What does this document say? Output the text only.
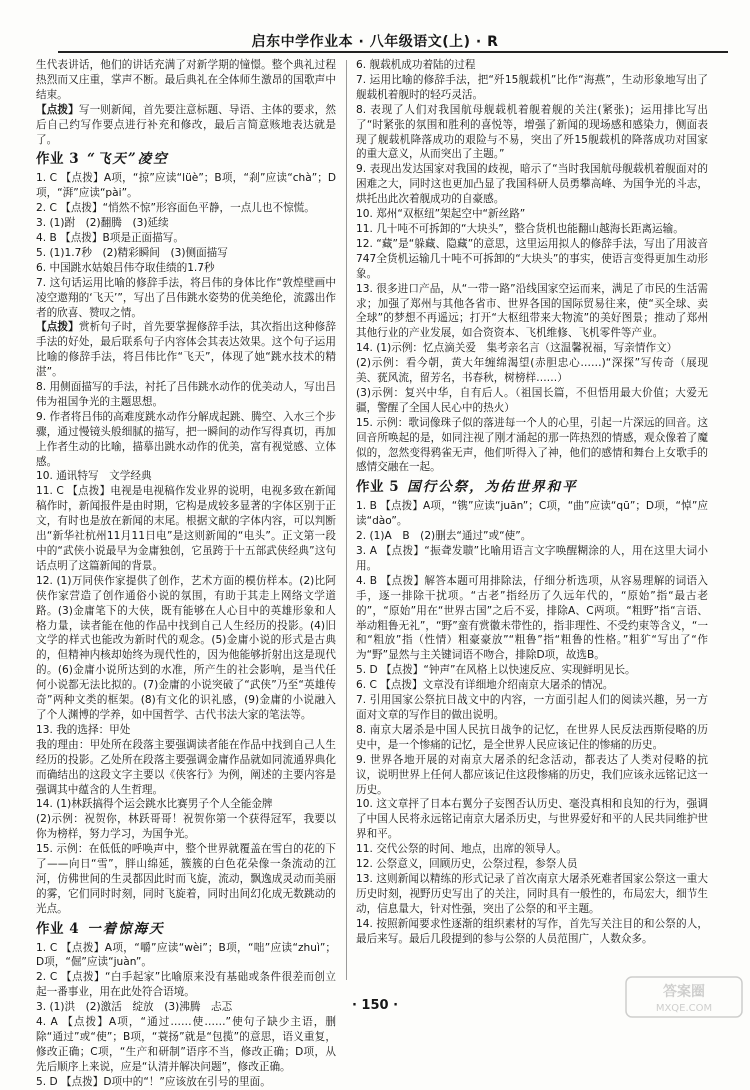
启东中学作业本 · 八年级语文(上) · R

生代表讲话，他们的讲话充满了对新学期的憧憬。整个典礼过程热烈而又庄重，掌声不断。最后典礼在全体师生激昂的国歌声中结束。

【点拨】写一则新闻，首先要注意标题、导语、主体的要求，然后自己约写作要点进行补充和修改，最后言简意赅地表达就是了。

作业 3 “飞天”凌空

1. C 【点拨】A项，“掠”应读“lüè”；B项，“刹”应读“chà”；D项，“湃”应读“pài”。

2. C 【点拨】“悄然不惊”形容面色平静，一点儿也不惊慌。

3. (1)跗　(2)翻腾　(3)延续

4. B 【点拨】B项是正面描写。

5. (1)1.7秒　(2)精彩瞬间　(3)侧面描写

6. 中国跳水姑娘吕伟夺取佳绩的1.7秒

7. 这句话运用比喻的修辞手法，将吕伟的身体比作“敦煌壁画中凌空遨翔的‘飞天’”，写出了吕伟跳水姿势的优美绝伦，流露出作者的欣喜、赞叹之情。

【点拨】赏析句子时，首先要掌握修辞手法，其次指出这种修辞手法的好处，最后联系句子内容体会其表达效果。这个句子运用比喻的修辞手法，将吕伟比作“飞天”，体现了她“跳水技术的精湛”。

8. 用侧面描写的手法，衬托了吕伟跳水动作的优美动人，写出吕伟为祖国争光的主题思想。

9. 作者将吕伟的高难度跳水动作分解成起跳、腾空、入水三个步骤，通过慢镜头般细腻的描写，把一瞬间的动作写得真切，再加上作者生动的比喻，描摹出跳水动作的优美，富有视觉感、立体感。

10. 通讯特写　文学经典

11. C 【点拨】电视是电视稿作发业界的说明，电视多致在新闻稿作时，新闻报件是由时期，它构是成较多显著的字体区别于正文，有时也是放在新闻的末尾。根据文献的字体内容，可以判断出“新华社杭州11月11日电”是这则新闻的“电头”。正文第一段中的“武侠小说最早为金庸独创，它虽跨于十五部武侠经典”这句话点明了这篇新闻的背景。

12. (1)万同侠作家提供了创作，艺术方面的模仿样本。(2)比阿侠作家营造了创作通俗小说的氛围，有助于其走上网络文学道路。(3)金庸笔下的大侠，既有能够在人心目中的英雄形象和人格力量，读者能在他的作品中找到自己人生经历的投影。(4)旧文学的样式也能改为新时代的观念。(5)金庸小说的形式是古典的，但精神内核却始终为现代性的，因为他能够折射出这是现代的。(6)金庸小说所达到的水准，所产生的社会影响，是当代任何小说都无法比拟的。(7)金庸的小说突破了“武侠”乃至“英雄传奇”两种文类的框架。(8)有文化的识礼感，(9)金庸的小说融入了个人渊博的学养，如中国哲学、古代书法大家的笔法等。

13. 我的选择：甲处

我的理由：甲处所在段落主要强调读者能在作品中找到自己人生经历的投影。乙处所在段落主要强调金庸作品就如同流通界典化而确结出的这段文字主要以《侠客行》为例，阐述的主要内容是强调其中蕴含的人生哲理。

14. (1)林跃搞得个运会跳水比赛男子个人全能金牌

(2)示例：祝贺你，林跃哥哥！祝贺你第一个获得冠军，我要以你为榜样，努力学习，为国争光。

15. 示例：在低低的呼唤声中，整个世界就覆盖在雪白的花的下了——向日“雪”，胖山绵延，簇簇的白色花朵像一条流动的江河，仿佛世间的生灵都因此时而飞旋，流动，飘逸成灵动而美丽的雾，它们同时时刻，同时飞旋着，同时出间幻化成无数跳动的光点。

作业 4 一着惊海天

1. C 【点拨】A项，“嚼”应读“wèi”；B项，“咄”应读“zhuì”；D项，“倔”应读“juàn”。

2. C 【点拨】“白手起家”比喻原来没有基础或条件很差而创立起一番事业，用在此处符合语境。

3. (1)洪　(2)激活　绽放　(3)沸腾　忐忑

4. A 【点拨】A项，“通过……使……”使句子缺少主语，删除“通过”或“使”；B项，“蓑扬”就是“包揽”的意思，语义重复，修改正确；C项，“生产和研制”语序不当，修改正确；D项，从先后顺序上来说，应是“认清并解决问题”，修改正确。

5. D 【点拨】D项中的“！”应该放在引号的里面。

6. 舰载机成功着陆的过程

7. 运用比喻的修辞手法，把“歼15舰载机”比作“海燕”，生动形象地写出了舰载机着舰时的轻巧灵活。

8. 表现了人们对我国航母舰载机着舰着舰的关注(紧张)；运用排比写出了“时紧张的氛围和胜利的喜悦等，增强了新闻的现场感和感染力，侧面表现了舰载机降落成功的艰险与不易，突出了歼15舰载机的降落成功对国家的重大意义，从而突出了主题。”

9. 表现出发达国家对我国的歧视，暗示了“当时我国航母舰载机着舰面对的困难之大，同时这也更加凸显了我国科研人员勇攀高峰、为国争光的斗志，烘托出此次着舰成功的自豪感。

10. 郑州“双枢纽”架起空中“新丝路”

11. 几十吨不可拆卸的“大块头”，整合货机也能翻山越海长距离运输。

12. “藏”是“躲藏、隐藏”的意思，这里运用拟人的修辞手法，写出了用波音747全货机运输几十吨不可拆卸的“大块头”的事实，使语言变得更加生动形象。

13. 很多进口产品，从“一带一路”沿线国家空运而来，满足了市民的生活需求；加强了郑州与其他各省市、世界各国的国际贸易往来，使“买全球、卖全球”的梦想不再遥远；打开“大枢纽带来大物流”的美好图景；推动了郑州其他行业的产业发展，如合资资本、飞机维修、飞机零件等产业。

14. (1)示例：忆点滴关爱　集考亲名言（这温馨祝福，写亲情作文）

(2)示例：看今朝，黄大年缠绵渴望(赤胆忠心……)“深探”写传奇（展现美、莸风流，留芳名，书春秋，树榜样……）

(3)示例：复兴中华，自有后人。（祖国长篇，不但悟用最大价值；大爱无疆，警醒了全国人民心中的热火）

15. 示例：歌词像珠子似的落进每一个人的心里，引起一片深远的回音。这回音所唤起的是，如同注视了刚才涌起的那一阵热烈的情感，观众像着了魔似的，忽然变得鸦雀无声，他们听得入了神，他们的感情和舞台上女歌手的感情交融在一起。

作业 5 国行公祭，为佑世界和平

1. B 【点拨】A项，“镌”应读“juān”；C项，“曲”应读“qū”；D项，“悼”应读“dào”。

2. (1)A　B　(2)删去“通过”或“使”。

3. A 【点拨】“振聋发聩”比喻用语言文字唤醒糊涂的人，用在这里大词小用。

4. B 【点拨】解答本题可用排除法，仔细分析选项，从容易理解的词语入手，逐一排除干扰项。“古老”指经历了久远年代的，“原始”指“最古老的”，“原始”用在“世界古国”之后不妥，排除A、C两项。“粗野”指“言语、举动粗鲁无礼”，“野”蛮有赏徽未带性的，指非理性、不受约束等含义，“一和“粗放”指（性情）粗豪豪放”“粗鲁”指“粗鲁的性格。”粗犷“写出了“作为“野”显然与主关键词语不吻合，排除D项，故选B。

5. D 【点拨】“钟声”在风格上以快速反应、实现鲜明见长。

6. C 【点拨】文章没有详细地介绍南京大屠杀的情况。

7. 引用国家公祭抗日战文中的内容，一方面引起人们的阅读兴趣，另一方面对文章的写作目的做出说明。

8. 南京大屠杀是中国人民抗日战争的记忆，在世界人民反法西斯侵略的历史中，是一个惨痛的记忆，是全世界人民应该记住的惨痛的历史。

9. 世界各地开展的对南京大屠杀的纪念活动，都表达了人类对侵略的抗议，说明世界上任何人都应该记住这段惨痛的历史，我们应该永远铭记这一历史。

10. 这文章抨了日本右翼分子妄图否认历史、毫没真相和良知的行为，强调了中国人民将永远铭记南京大屠杀历史，与世界爱好和平的人民共同维护世界和平。

11. 交代公祭的时间、地点，出席的领导人。

12. 公祭意义，回顾历史，公祭过程，参祭人员

13. 这则新闻以精练的形式记录了首次南京大屠杀死难者国家公祭这一重大历史时刻，视野历史写出了的关注，同时具有一般性的，布局宏大，细节生动，信息量大，针对性强，突出了公祭的和平主题。

14. 按照新闻要求性逐渐的组织素材的写作，首先写关注目的和公祭的人，最后来写。最后几段提到的参与公祭的人员范围广，人数众多。

· 150 ·
答案圈
MXQE.COM
